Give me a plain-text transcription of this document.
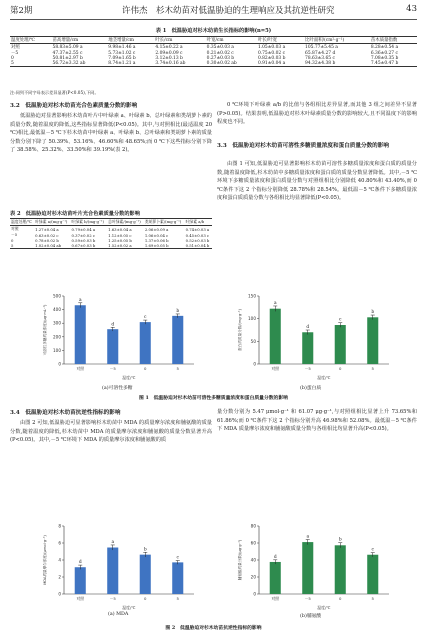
第2期	许伟杰　杉木幼苗对低温胁迫的生理响应及其抗逆性研究	43
表 1　低温胁迫对杉木幼苗生长指标的影响(n=5)
温度处理/℃	苗高增量/cm	地茎增量/cm	叶长/cm	叶宽/cm	叶长/叶宽	比叶面积/(cm²·g⁻¹)	苗木质量指数
对照	58.83±5.09 a	9.98±1.46 a	4.15±0.22 a	0.35±0.03 a	1.05±0.03 a	105.77±5.45 a	8.28±0.54 a
－5	47.37±2.55 c	5.73±1.02 c	2.09±0.09 c	0.21±0.02 c	0.75±0.02 c	65.87±4.27 d	6.36±0.27 c
0	50.81±2.97 b	7.09±1.65 b	3.12±0.13 b	0.27±0.03 b	0.82±0.03 b	78.63±3.65 c	7.08±0.35 b
5	56.72±3.32 ab	8.74±1.21 a	3.74±0.16 ab	0.30±0.02 ab	0.91±0.04 a	94.32±4.38 b	7.45±0.47 b
注:同列不同字母表示差异显著(P<0.05),下同。
3.2　低温胁迫对杉木幼苗光合色素质量分数的影响
低温胁迫对显著影响杉木幼苗叶片中叶绿素 a、叶绿素 b、总叶绿素和类胡萝卜素的质量分数,随着温度的降低,这些指标显著降低(P<0.05)。其中,与对照相比(最适温度 20 ℃)相比,最低温－5 ℃下杉木幼苗中叶绿素 a、叶绿素 b、总叶绿素和类胡萝卜素的质量分数分别下降了 50.39%、53.16%、46.60%和 48.65%;而 0 ℃下这些指标分别下降了 38.58%、25.32%、33.50%和 39.19%(表 2)。
表 2　低温胁迫对杉木幼苗叶片光合色素质量分数的影响
温度处理/℃	叶绿素 a/(mg·g⁻¹)	叶绿素 b/(mg·g⁻¹)	总叶绿素/(mg·g⁻¹)	类胡萝卜素/(mg·g⁻¹)	叶绿素 a/b
对照	1.27±0.04 a	0.79±0.04 a	1.63±0.04 a	2.06±0.09 a	0.74±0.03 a
－5	0.63±0.02 c	0.37±0.02 c	1.12±0.05 c	1.06±0.04 c	0.45±0.03 c
0	0.78±0.02 b	0.59±0.03 b	1.25±0.05 b	1.37±0.06 b	0.52±0.03 b
5	1.02±0.04 ab	0.67±0.03 b	1.52±0.02 a	1.69±0.05 b	0.51±0.04 b
0 ℃环境下叶绿素 a/b 的比值与各组相比差异显著,而其他 3 组之间差异不显著(P>0.05)。结果表明,低温胁迫对杉木叶绿素质量分数的影响较大,且不同温度下的影响程度也不同。
3.3　低温胁迫对杉木幼苗可溶性多糖质量浓度和蛋白质量分数的影响
由图 1 可知,低温胁迫可显著影响杉木幼苗可溶性多糖质量浓度和蛋白质的质量分数,随着温度降低,杉木幼苗中多糖质量浓度和蛋白质的质量分数显著降低。其中,－5 ℃环境下多糖质量浓度和蛋白质量分数与对照组相比分别降低 40.80%和 43.40%,而 0 ℃条件下这 2 个指标分别降低 28.78%和 28.54%。最低温－5 ℃条件下多糖质量浓度和蛋白质质量分数与各组相比均显著降低(P<0.05)。
0
100
200
300
400
500
可溶性多糖质量浓度/(μg·mL⁻¹)
a
对照
d
－5
c
0
b
5
温度/℃
(a)可溶性多糖
0
50
100
150
蛋白质质量分数/(mg·g⁻¹)
a
对照
d
－5
c
0
b
5
温度/℃
(b)蛋白质
图 1　低温胁迫对杉木幼苗可溶性多糖质量浓度和蛋白质量分数的影响
3.4　低温胁迫对杉木幼苗抗逆性指标的影响
由图 2 可知,低温胁迫可显著影响杉木幼苗中 MDA 的质量摩尔浓度和脯氨酸的质量分数,随着温度的降低,杉木幼苗中 MDA 的质量摩尔浓度和脯氨酸的质量分数显著升高(P<0.05)。其中,－5 ℃环境下 MDA 的质量摩尔浓度和脯氨酸的质
量分数分别为 5.47 μmol·g⁻¹ 和 61.07 μg·g⁻¹,与对照组相比显著上升 73.65%和 61.86%;而 0 ℃条件下这 2 个指标分别升高 46.98%和 52.08%。最低温－5 ℃条件下 MDA 质量摩尔浓度和脯氨酸质量分数与各组相比均显著升高(P<0.05)。
0
2
4
6
8
MDA质量摩尔浓度/(μmol·g⁻¹)	d
对照
a
－5
b
0
c
5
温度/℃
(a) MDA
0
20
40
60
80
脯氨酸质量分数/(μg·g⁻¹)	d
对照
a
－5
b
0
c
5
温度/℃
(b)脯氨酸
图 2　低温胁迫对杉木幼苗抗逆性指标的影响
